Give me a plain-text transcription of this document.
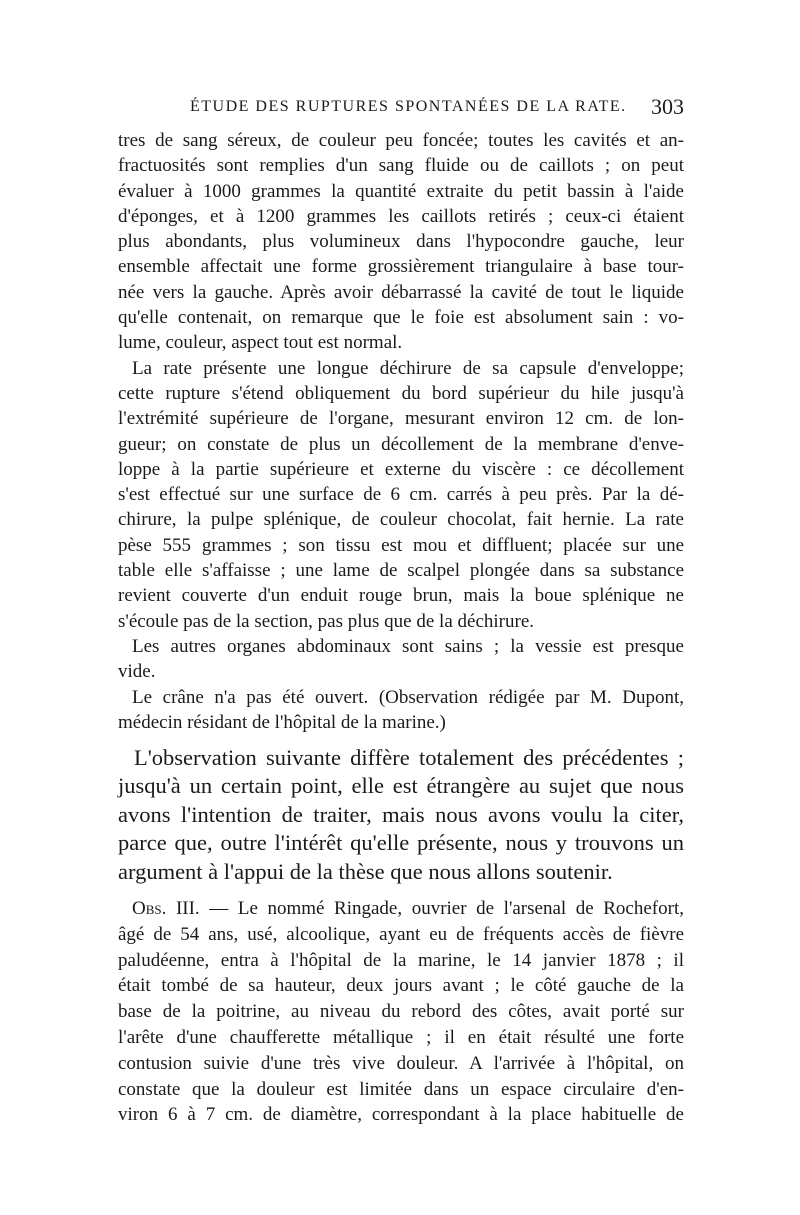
ÉTUDE DES RUPTURES SPONTANÉES DE LA RATE. 303
tres de sang séreux, de couleur peu foncée; toutes les cavités et an-
fractuosités sont remplies d'un sang fluide ou de caillots ; on peut
évaluer à 1000 grammes la quantité extraite du petit bassin à l'aide
d'éponges, et à 1200 grammes les caillots retirés ; ceux-ci étaient
plus abondants, plus volumineux dans l'hypocondre gauche, leur
ensemble affectait une forme grossièrement triangulaire à base tour-
née vers la gauche. Après avoir débarrassé la cavité de tout le liquide
qu'elle contenait, on remarque que le foie est absolument sain : vo-
lume, couleur, aspect tout est normal.
La rate présente une longue déchirure de sa capsule d'enveloppe;
cette rupture s'étend obliquement du bord supérieur du hile jusqu'à
l'extrémité supérieure de l'organe, mesurant environ 12 cm. de lon-
gueur; on constate de plus un décollement de la membrane d'enve-
loppe à la partie supérieure et externe du viscère : ce décollement
s'est effectué sur une surface de 6 cm. carrés à peu près. Par la dé-
chirure, la pulpe splénique, de couleur chocolat, fait hernie. La rate
pèse 555 grammes ; son tissu est mou et diffluent; placée sur une
table elle s'affaisse ; une lame de scalpel plongée dans sa substance
revient couverte d'un enduit rouge brun, mais la boue splénique ne
s'écoule pas de la section, pas plus que de la déchirure.
Les autres organes abdominaux sont sains ; la vessie est presque
vide.
Le crâne n'a pas été ouvert. (Observation rédigée par M. Dupont,
médecin résidant de l'hôpital de la marine.)
L'observation suivante diffère totalement des précédentes ;
jusqu'à un certain point, elle est étrangère au sujet que nous
avons l'intention de traiter, mais nous avons voulu la citer,
parce que, outre l'intérêt qu'elle présente, nous y trouvons un
argument à l'appui de la thèse que nous allons soutenir.
Obs. III. — Le nommé Ringade, ouvrier de l'arsenal de Rochefort,
âgé de 54 ans, usé, alcoolique, ayant eu de fréquents accès de fièvre
paludéenne, entra à l'hôpital de la marine, le 14 janvier 1878 ; il
était tombé de sa hauteur, deux jours avant ; le côté gauche de la
base de la poitrine, au niveau du rebord des côtes, avait porté sur
l'arête d'une chaufferette métallique ; il en était résulté une forte
contusion suivie d'une très vive douleur. A l'arrivée à l'hôpital, on
constate que la douleur est limitée dans un espace circulaire d'en-
viron 6 à 7 cm. de diamètre, correspondant à la place habituelle de
